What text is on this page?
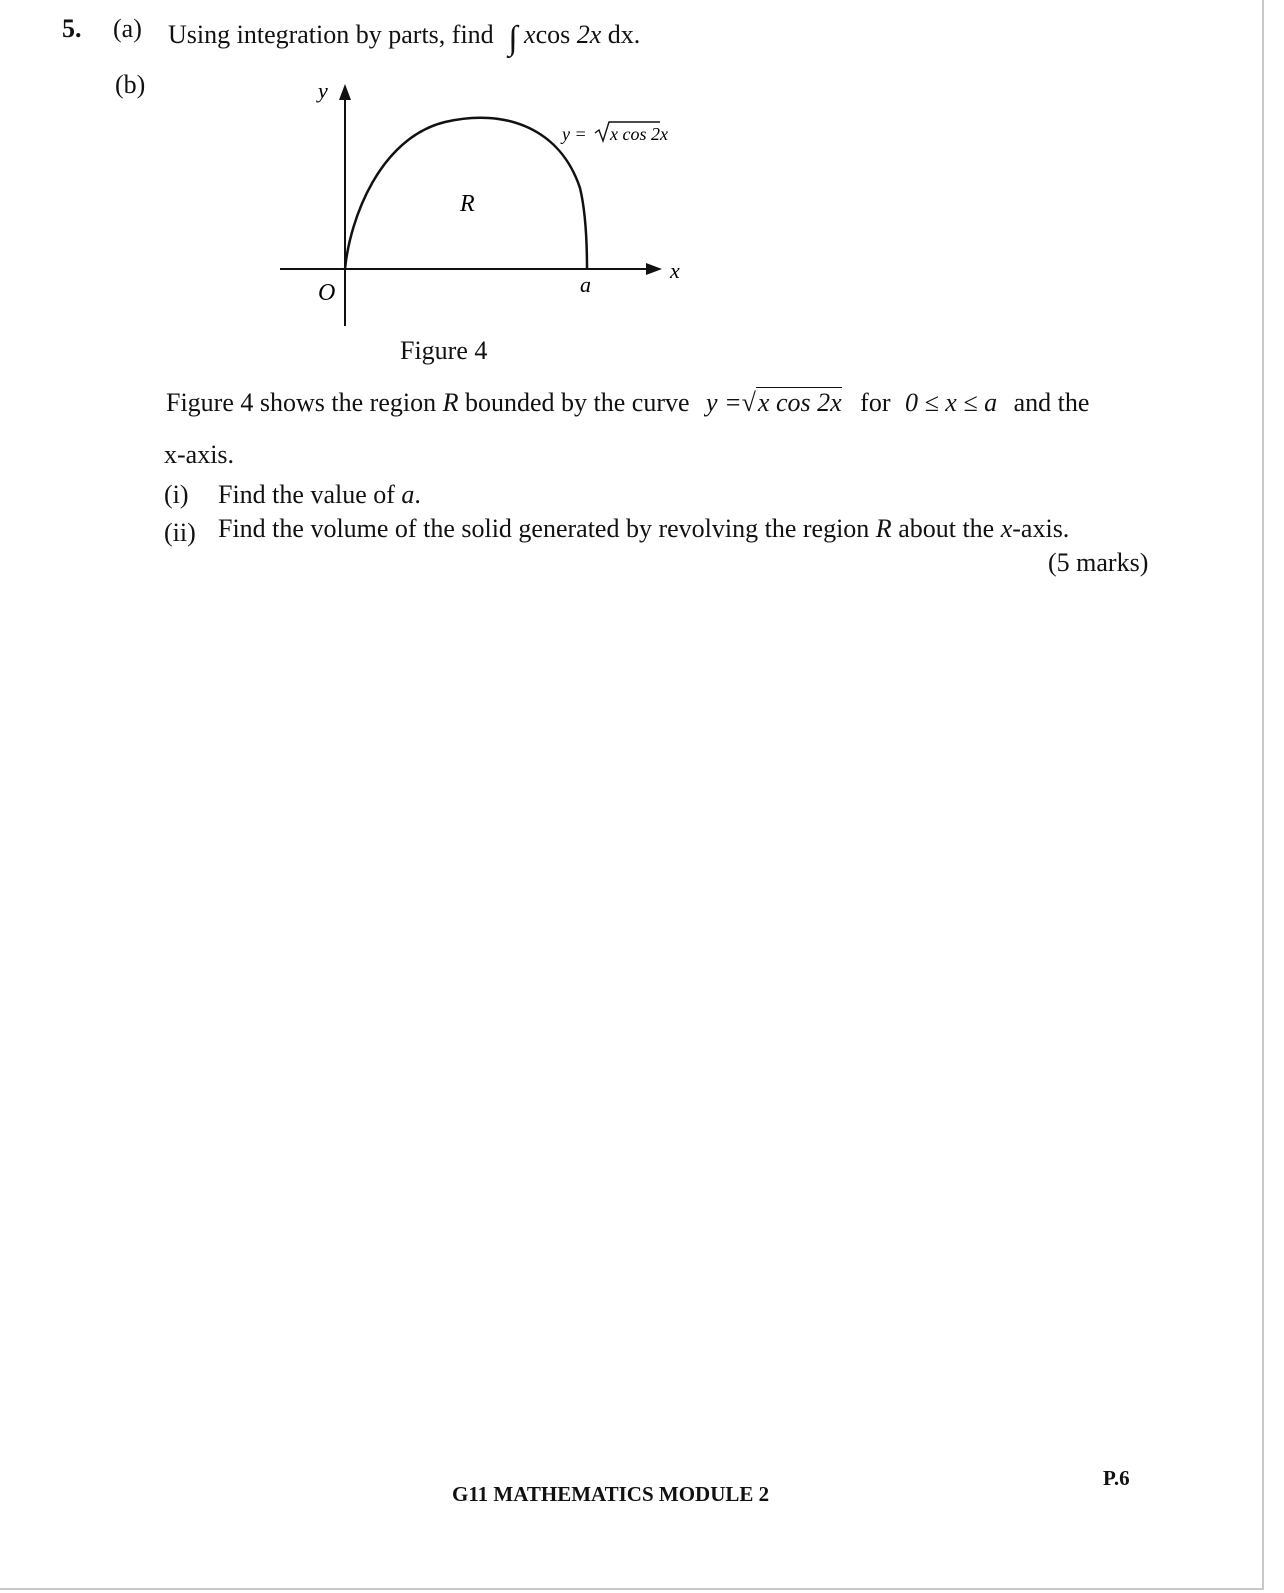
5. (a) Using integration by parts, find ∫ xcos 2x dx.
(b)	y
x
O
R
a
y = x cos 2x
Figure 4
Figure 4 shows the region R bounded by the curve y =√x cos 2x for 0 ≤ x ≤ a and the
x-axis.
(i) Find the value of a.
(ii) Find the volume of the solid generated by revolving the region R about the x-axis.
(5 marks)
P.6
G11 MATHEMATICS MODULE 2
